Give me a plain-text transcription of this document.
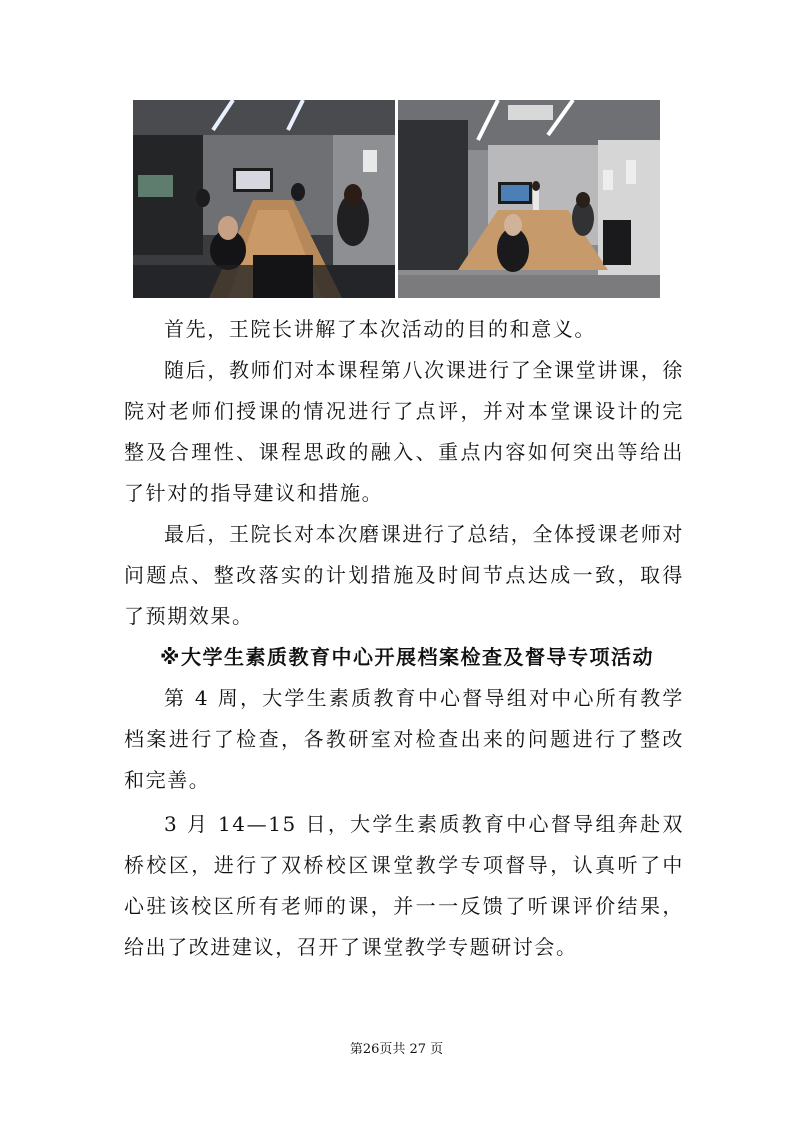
首先，王院长讲解了本次活动的目的和意义。

随后，教师们对本课程第八次课进行了全课堂讲课，徐院对老师们授课的情况进行了点评，并对本堂课设计的完整及合理性、课程思政的融入、重点内容如何突出等给出了针对的指导建议和措施。

最后，王院长对本次磨课进行了总结，全体授课老师对问题点、整改落实的计划措施及时间节点达成一致，取得了预期效果。

※大学生素质教育中心开展档案检查及督导专项活动

第 4 周，大学生素质教育中心督导组对中心所有教学档案进行了检查，各教研室对检查出来的问题进行了整改和完善。

3 月 14—15 日，大学生素质教育中心督导组奔赴双桥校区，进行了双桥校区课堂教学专项督导，认真听了中心驻该校区所有老师的课，并一一反馈了听课评价结果，给出了改进建议，召开了课堂教学专题研讨会。

第26页共 27 页
